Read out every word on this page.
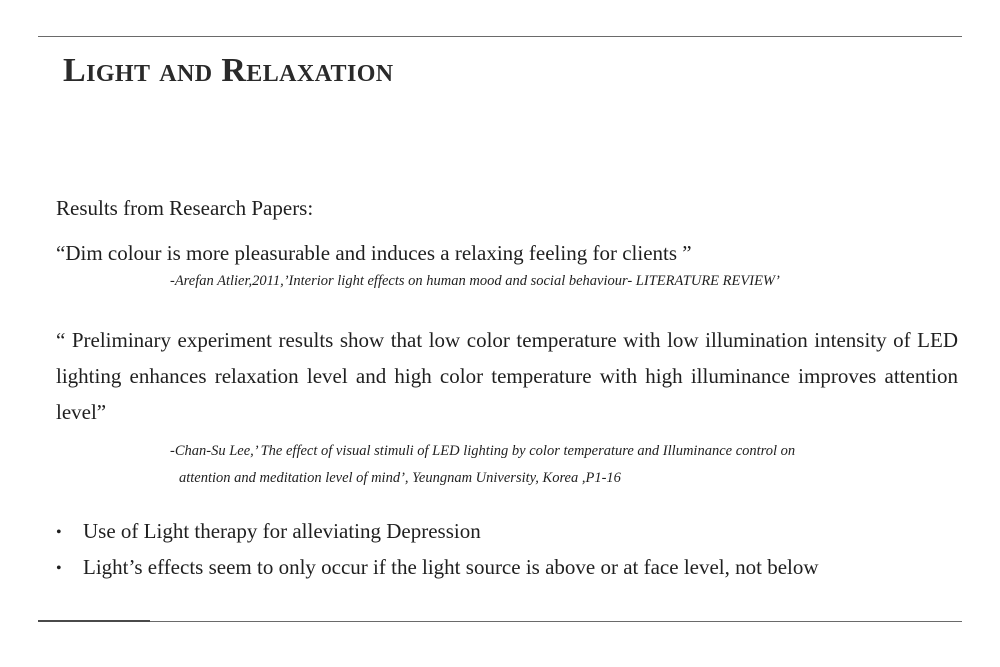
Light and Relaxation
Results from Research Papers:
“Dim colour is more pleasurable and induces a relaxing feeling for clients ”
-Arefan Atlier,2011,’Interior light effects on human mood and social behaviour- LITERATURE REVIEW’
“ Preliminary experiment results show that low color temperature with low illumination intensity of LED lighting enhances relaxation level and high color temperature with high illuminance improves attention level”
-Chan-Su Lee,’ The effect of visual stimuli of LED lighting by color temperature and Illuminance control on
attention and meditation level of mind’, Yeungnam University, Korea ,P1-16
•	Use of Light therapy for alleviating Depression
•	Light’s effects seem to only occur if the light source is above or at face level, not below
